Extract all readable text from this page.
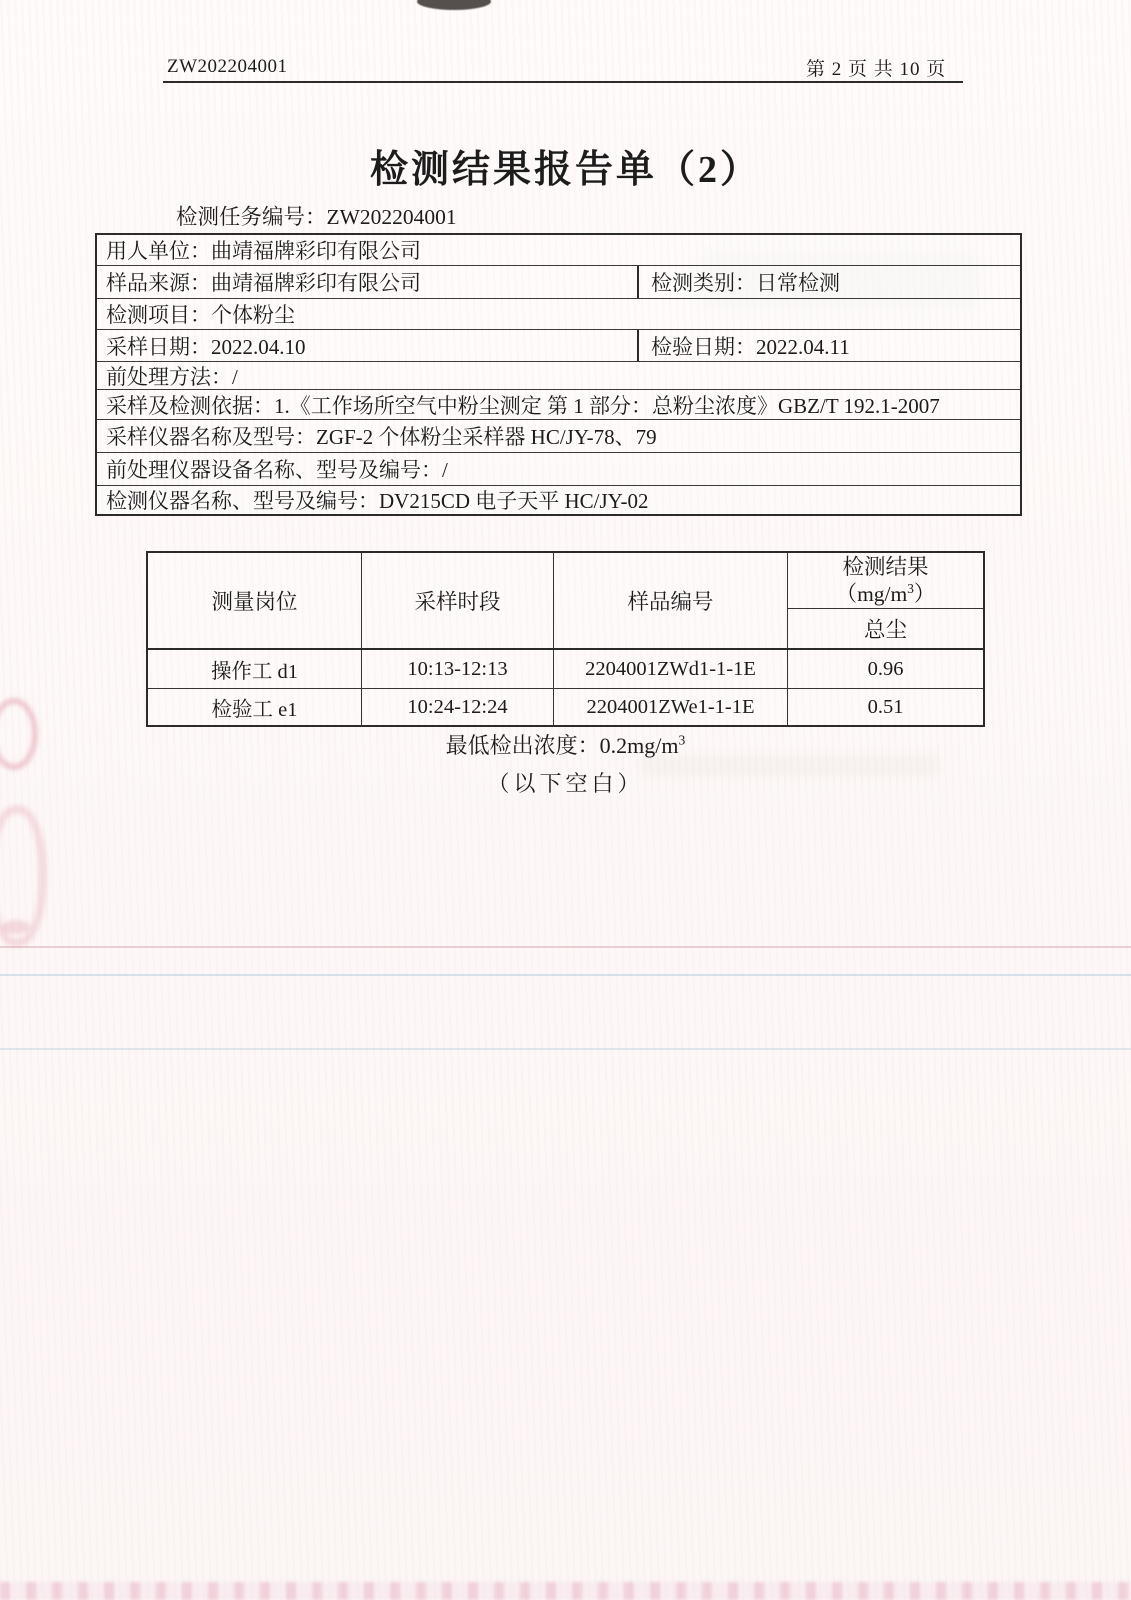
ZW202204001	第 2 页 共 10 页
检测结果报告单（2）
检测任务编号：ZW202204001
用人单位：曲靖福牌彩印有限公司
样品来源：曲靖福牌彩印有限公司	检测类别：日常检测
检测项目：个体粉尘
采样日期：2022.04.10	检验日期：2022.04.11
前处理方法：/
采样及检测依据：1.《工作场所空气中粉尘测定 第 1 部分：总粉尘浓度》GBZ/T 192.1-2007
采样仪器名称及型号：ZGF-2 个体粉尘采样器 HC/JY-78、79
前处理仪器设备名称、型号及编号：/
检测仪器名称、型号及编号：DV215CD 电子天平 HC/JY-02
测量岗位	采样时段	样品编号
检测结果
$(mg/m^3)$
总尘
操作工 d1	10:13-12:13	2204001ZWd1-1-1E	0.96
检验工 e1	10:24-12:24	2204001ZWe1-1-1E	0.51
最低检出浓度：$0.2mg/m^3$
（以下空白）
